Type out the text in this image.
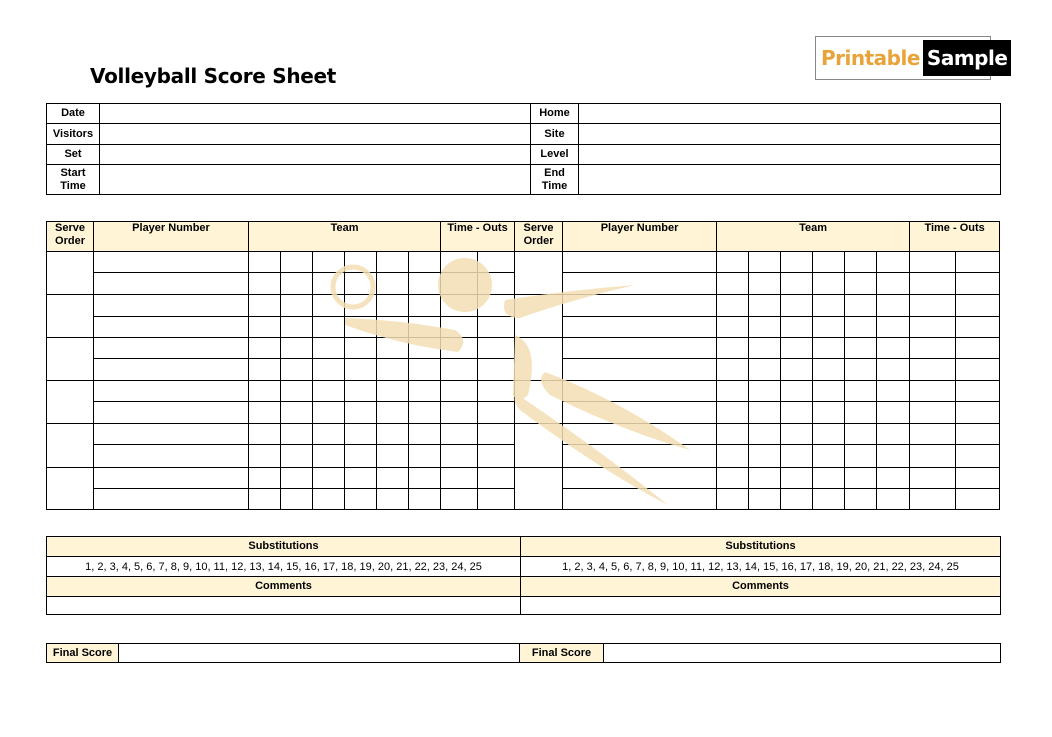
Volleyball Score Sheet
Printable Sample
Date		Home	
Visitors		Site	
Set		Level	
Start Time		End Time	
Serve Order	Player Number	Team						Time - Outs		Serve Order	Player Number	Team						Time - Outs	

Substitutions	Substitutions
1, 2, 3, 4, 5, 6, 7, 8, 9, 10, 11, 12, 13, 14, 15, 16, 17, 18, 19, 20, 21, 22, 23, 24, 25	1, 2, 3, 4, 5, 6, 7, 8, 9, 10, 11, 12, 13, 14, 15, 16, 17, 18, 19, 20, 21, 22, 23, 24, 25
Comments	Comments

Final Score		Final Score	
